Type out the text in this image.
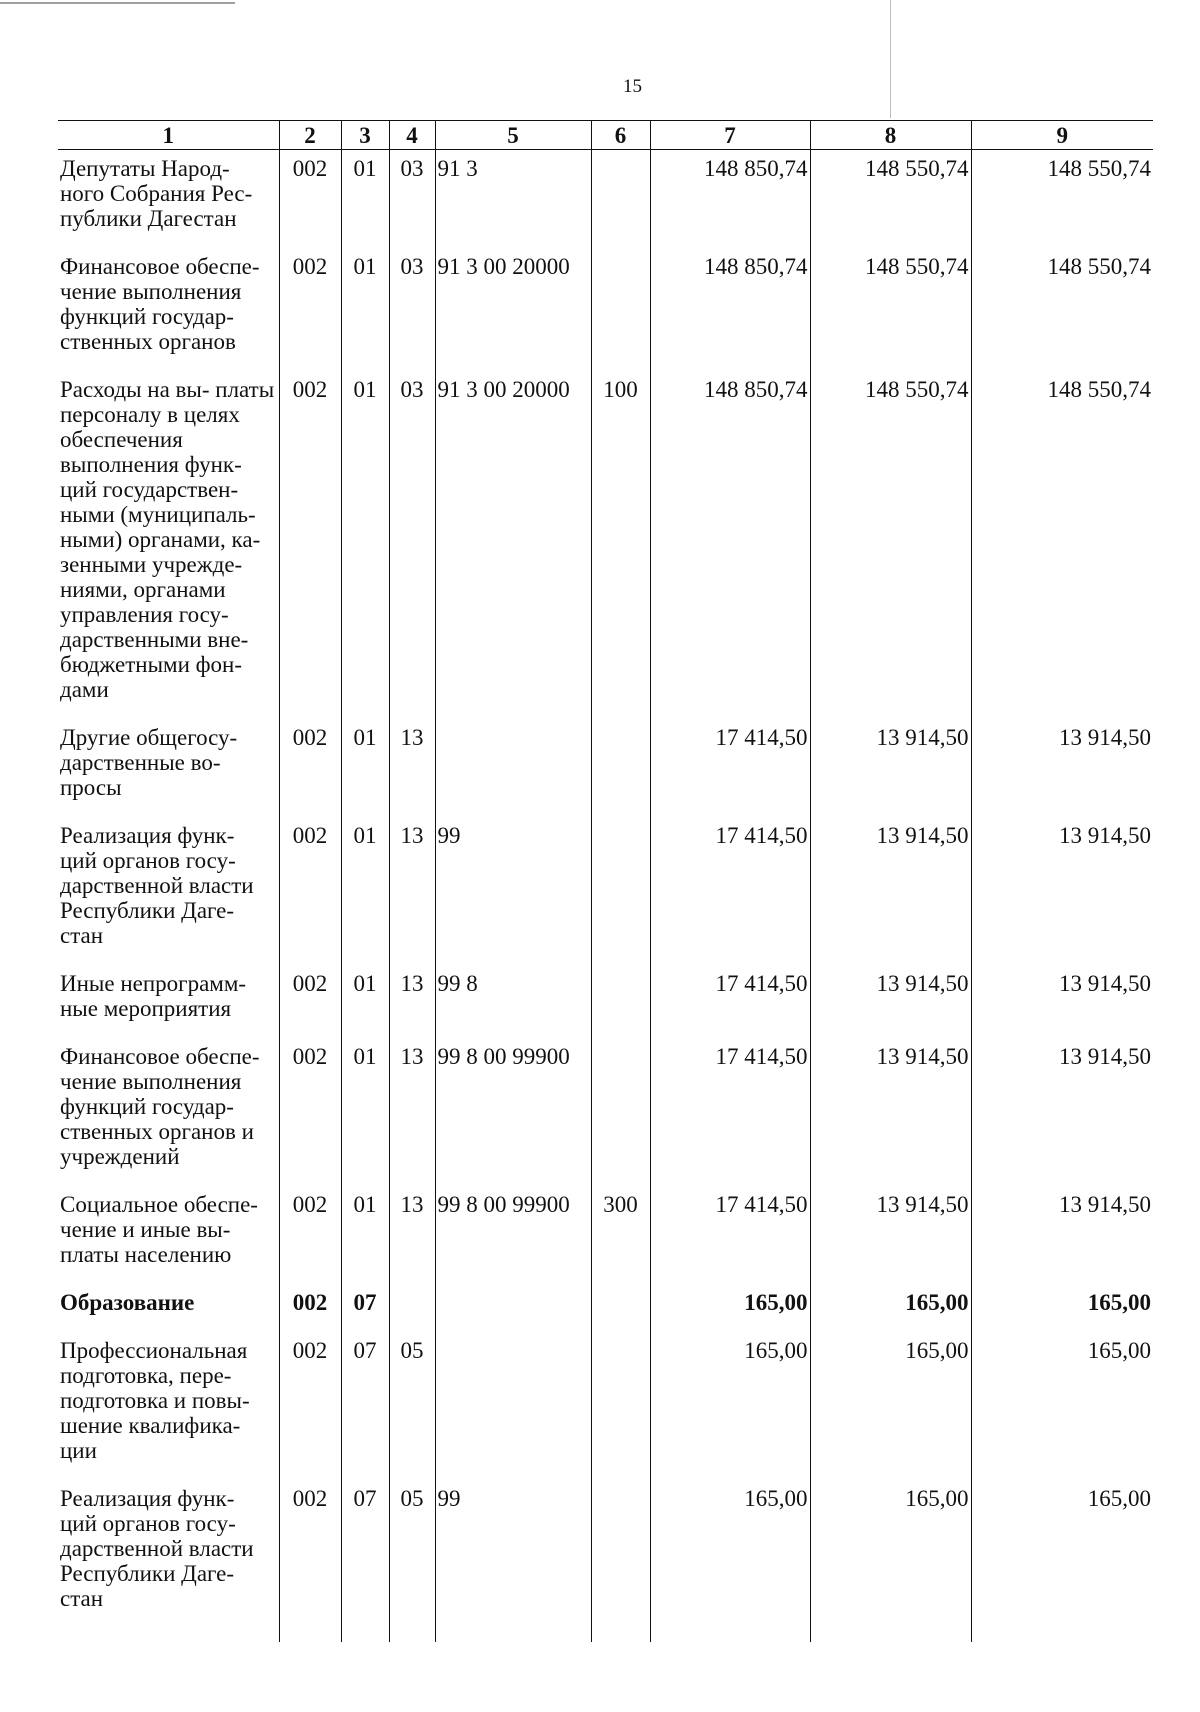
15
1	2	3	4	5	6	7	8	9
Депутаты Народ- ного Собрания Рес- публики Дагестан	002	01	03	91 3		148 850,74	148 550,74	148 550,74
Финансовое обеспе- чение выполнения функций государ- ственных органов	002	01	03	91 3 00 20000		148 850,74	148 550,74	148 550,74
Расходы на вы- платы персоналу в целях обеспечения выполнения функ- ций государствен- ными (муниципаль- ными) органами, ка- зенными учрежде- ниями, органами управления госу- дарственными вне- бюджетными фон- дами	002	01	03	91 3 00 20000	100	148 850,74	148 550,74	148 550,74
Другие общегосу- дарственные во- просы	002	01	13			17 414,50	13 914,50	13 914,50
Реализация функ- ций органов госу- дарственной власти Республики Даге- стан	002	01	13	99		17 414,50	13 914,50	13 914,50
Иные непрограмм- ные мероприятия	002	01	13	99 8		17 414,50	13 914,50	13 914,50
Финансовое обеспе- чение выполнения функций государ- ственных органов и учреждений	002	01	13	99 8 00 99900		17 414,50	13 914,50	13 914,50
Социальное обеспе- чение и иные вы- платы населению	002	01	13	99 8 00 99900	300	17 414,50	13 914,50	13 914,50
Образование	002	07				165,00	165,00	165,00
Профессиональная подготовка, пере- подготовка и повы- шение квалифика- ции	002	07	05			165,00	165,00	165,00
Реализация функ- ций органов госу- дарственной власти Республики Даге- стан	002	07	05	99		165,00	165,00	165,00
